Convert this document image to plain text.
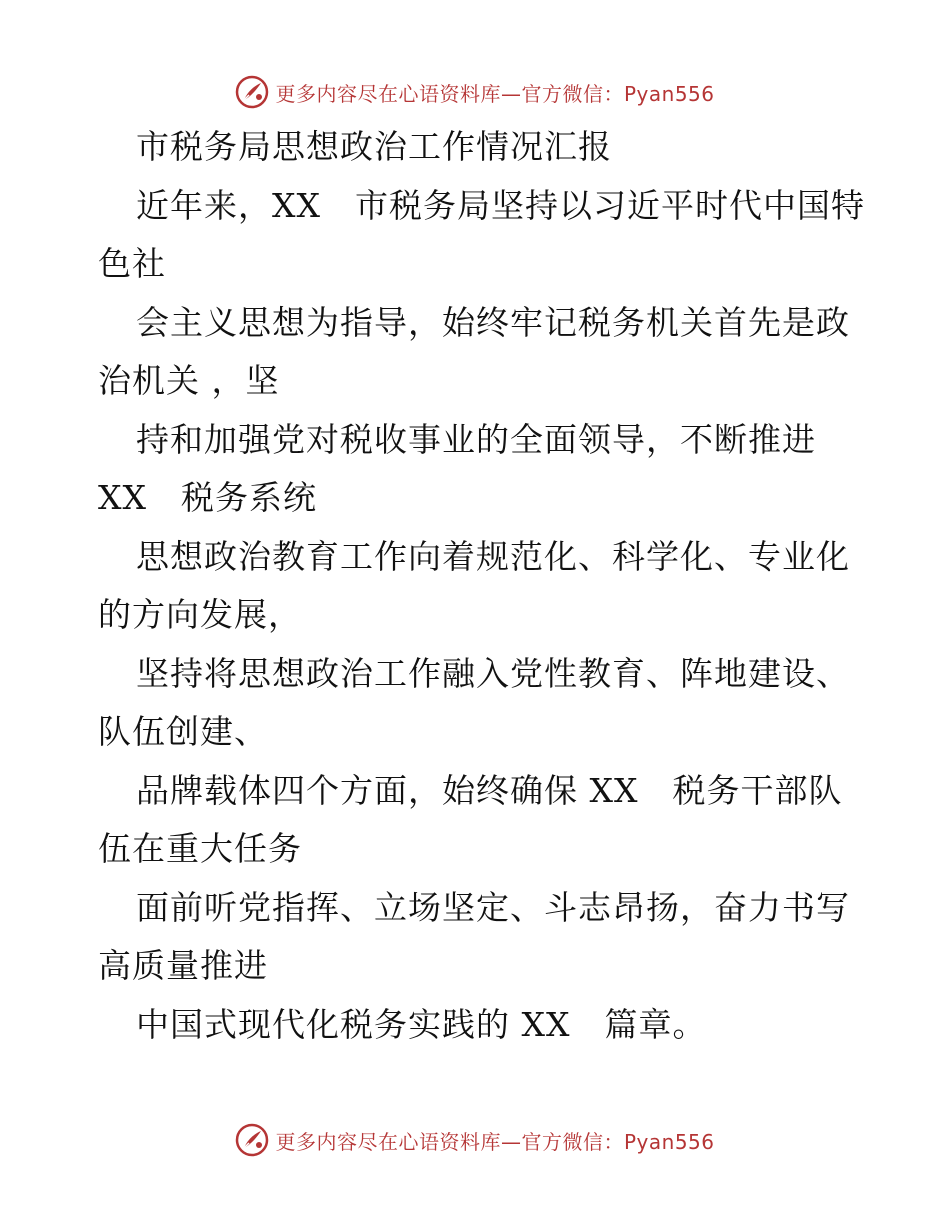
更多内容尽在心语资料库—官方微信：Pyan556
市税务局思想政治工作情况汇报
近年来，XX　市税务局坚持以习近平时代中国特
色社
会主义思想为指导，始终牢记税务机关首先是政
治机关 ，坚
持和加强党对税收事业的全面领导，不断推进
XX　税务系统
思想政治教育工作向着规范化、科学化、专业化
的方向发展，
坚持将思想政治工作融入党性教育、阵地建设、
队伍创建、
品牌载体四个方面，始终确保 XX　税务干部队
伍在重大任务
面前听党指挥、立场坚定、斗志昂扬，奋力书写
高质量推进
中国式现代化税务实践的 XX　篇章。
更多内容尽在心语资料库—官方微信：Pyan556
